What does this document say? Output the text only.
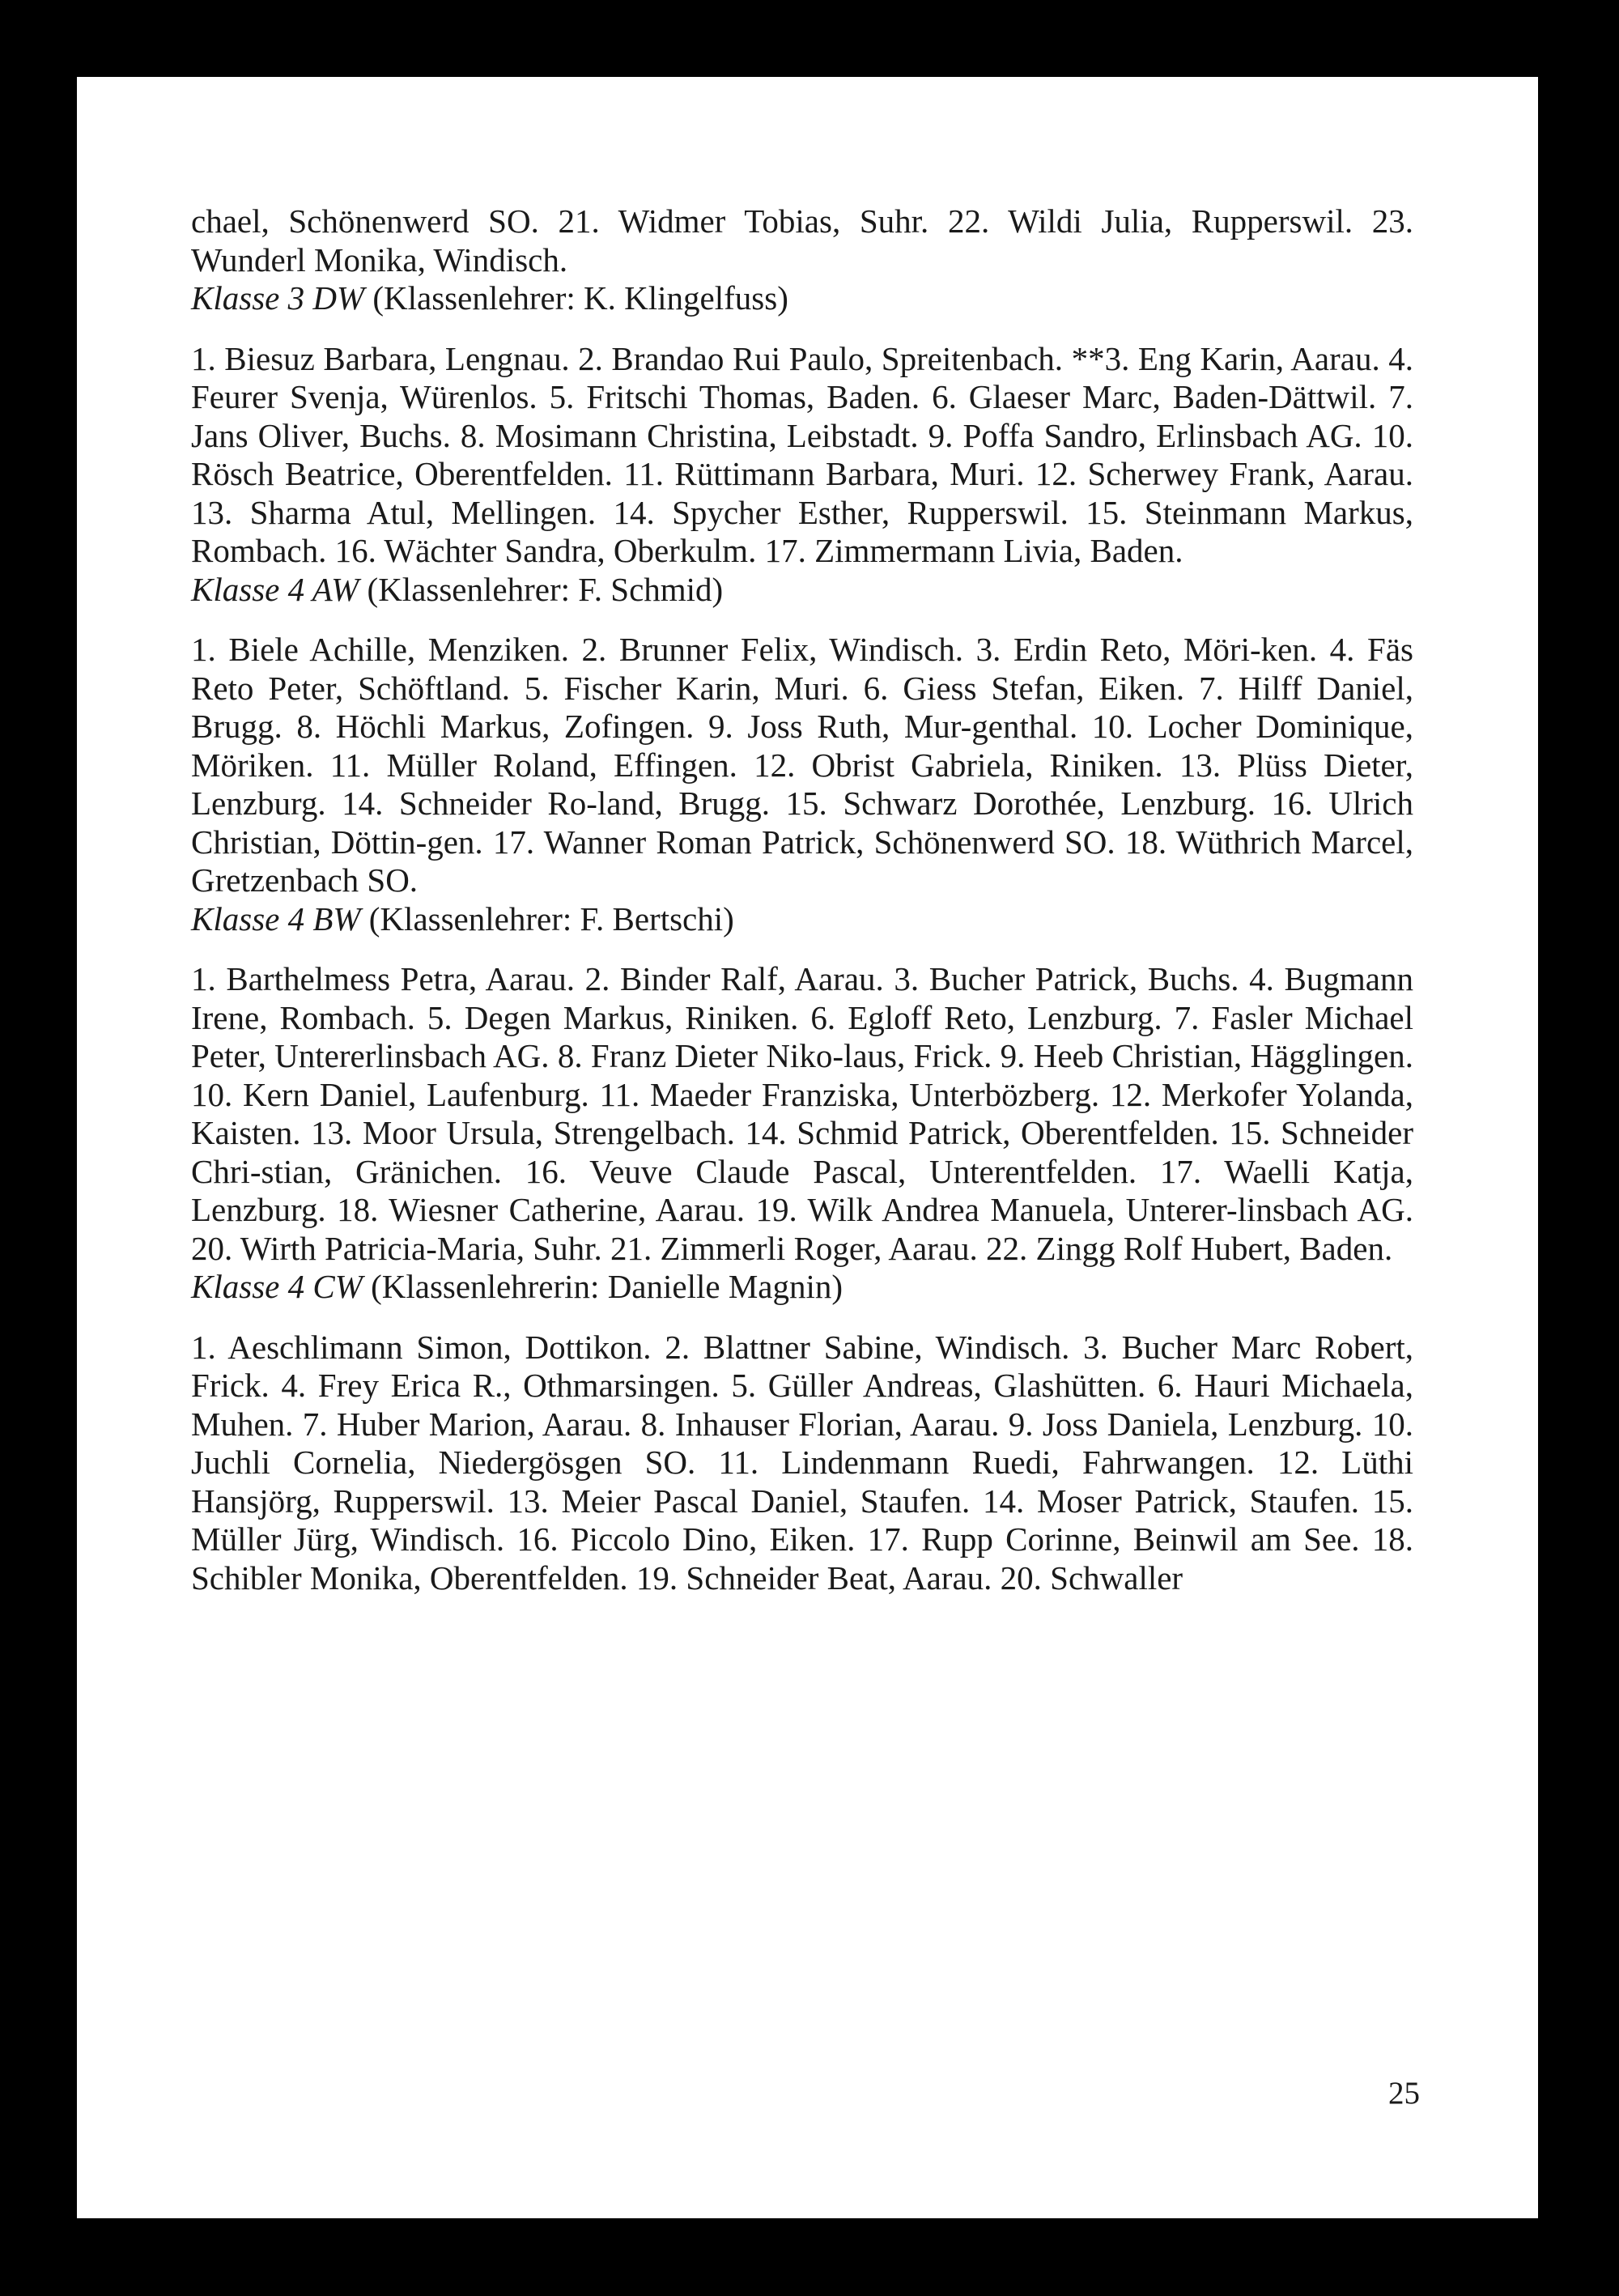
chael, Schönenwerd SO. 21. Widmer Tobias, Suhr. 22. Wildi Julia, Rupperswil. 23. Wunderl Monika, Windisch.

Klasse 3 DW (Klassenlehrer: K. Klingelfuss)

1. Biesuz Barbara, Lengnau. 2. Brandao Rui Paulo, Spreitenbach. **3. Eng Karin, Aarau. 4. Feurer Svenja, Würenlos. 5. Fritschi Thomas, Baden. 6. Glaeser Marc, Baden-Dättwil. 7. Jans Oliver, Buchs. 8. Mosimann Christina, Leibstadt. 9. Poffa Sandro, Erlinsbach AG. 10. Rösch Beatrice, Oberentfelden. 11. Rüttimann Barbara, Muri. 12. Scherwey Frank, Aarau. 13. Sharma Atul, Mellingen. 14. Spycher Esther, Rupperswil. 15. Steinmann Markus, Rombach. 16. Wächter Sandra, Oberkulm. 17. Zimmermann Livia, Baden.

Klasse 4 AW (Klassenlehrer: F. Schmid)

1. Biele Achille, Menziken. 2. Brunner Felix, Windisch. 3. Erdin Reto, Möri-ken. 4. Fäs Reto Peter, Schöftland. 5. Fischer Karin, Muri. 6. Giess Stefan, Eiken. 7. Hilff Daniel, Brugg. 8. Höchli Markus, Zofingen. 9. Joss Ruth, Mur-genthal. 10. Locher Dominique, Möriken. 11. Müller Roland, Effingen. 12. Obrist Gabriela, Riniken. 13. Plüss Dieter, Lenzburg. 14. Schneider Ro-land, Brugg. 15. Schwarz Dorothée, Lenzburg. 16. Ulrich Christian, Döttin-gen. 17. Wanner Roman Patrick, Schönenwerd SO. 18. Wüthrich Marcel, Gretzenbach SO.

Klasse 4 BW (Klassenlehrer: F. Bertschi)

1. Barthelmess Petra, Aarau. 2. Binder Ralf, Aarau. 3. Bucher Patrick, Buchs. 4. Bugmann Irene, Rombach. 5. Degen Markus, Riniken. 6. Egloff Reto, Lenzburg. 7. Fasler Michael Peter, Untererlinsbach AG. 8. Franz Dieter Niko-laus, Frick. 9. Heeb Christian, Hägglingen. 10. Kern Daniel, Laufenburg. 11. Maeder Franziska, Unterbözberg. 12. Merkofer Yolanda, Kaisten. 13. Moor Ursula, Strengelbach. 14. Schmid Patrick, Oberentfelden. 15. Schneider Chri-stian, Gränichen. 16. Veuve Claude Pascal, Unterentfelden. 17. Waelli Katja, Lenzburg. 18. Wiesner Catherine, Aarau. 19. Wilk Andrea Manuela, Unterer-linsbach AG. 20. Wirth Patricia-Maria, Suhr. 21. Zimmerli Roger, Aarau. 22. Zingg Rolf Hubert, Baden.

Klasse 4 CW (Klassenlehrerin: Danielle Magnin)

1. Aeschlimann Simon, Dottikon. 2. Blattner Sabine, Windisch. 3. Bucher Marc Robert, Frick. 4. Frey Erica R., Othmarsingen. 5. Güller Andreas, Glashütten. 6. Hauri Michaela, Muhen. 7. Huber Marion, Aarau. 8. Inhauser Florian, Aarau. 9. Joss Daniela, Lenzburg. 10. Juchli Cornelia, Niedergösgen SO. 11. Lindenmann Ruedi, Fahrwangen. 12. Lüthi Hansjörg, Rupperswil. 13. Meier Pascal Daniel, Staufen. 14. Moser Patrick, Staufen. 15. Müller Jürg, Windisch. 16. Piccolo Dino, Eiken. 17. Rupp Corinne, Beinwil am See. 18. Schibler Monika, Oberentfelden. 19. Schneider Beat, Aarau. 20. Schwaller

25
